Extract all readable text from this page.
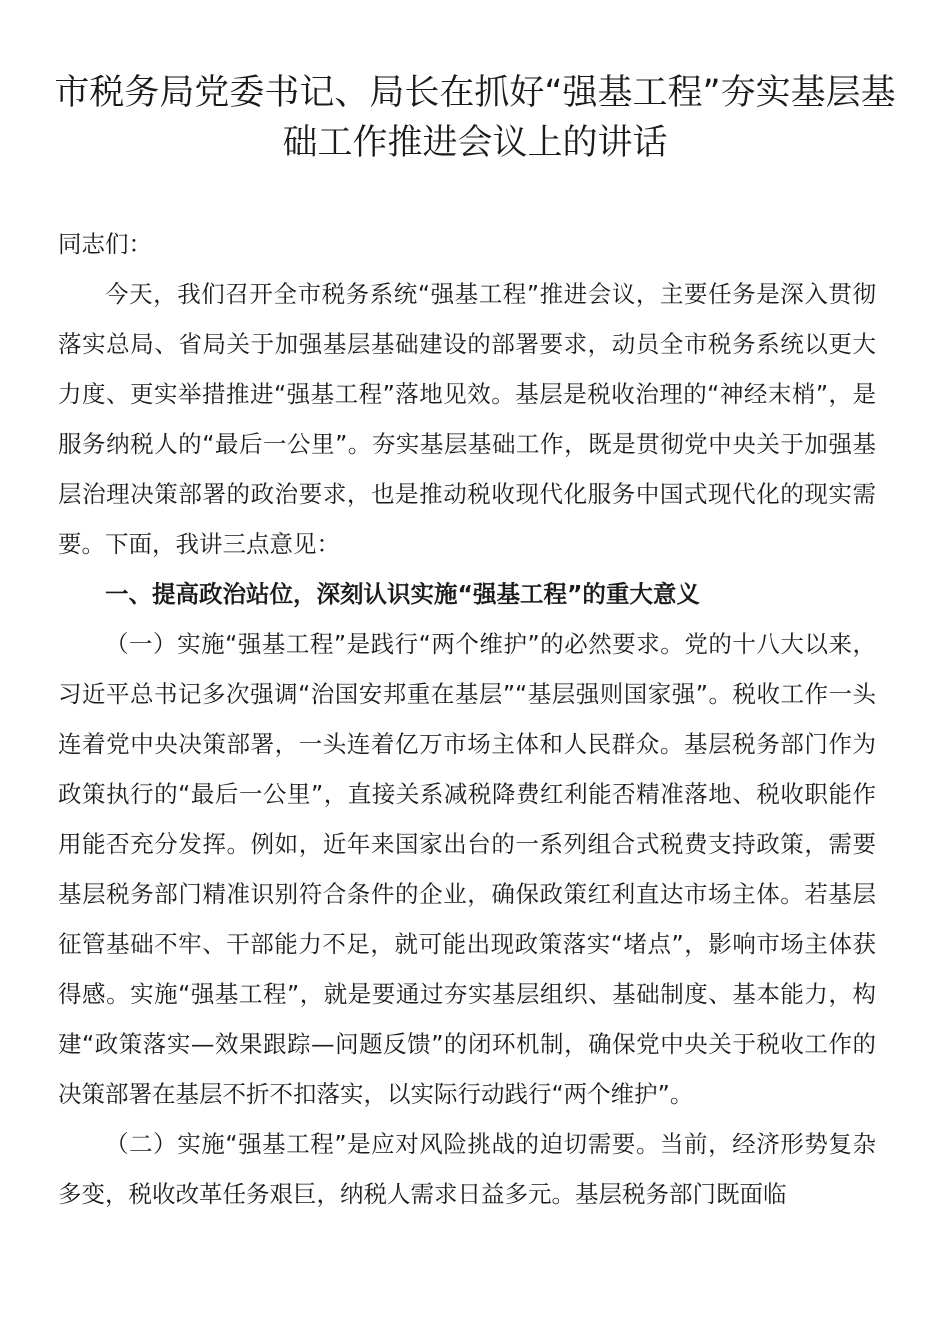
市税务局党委书记、局长在抓好“强基工程”夯实基层基础工作推进会议上的讲话

同志们：

今天，我们召开全市税务系统“强基工程”推进会议，主要任务是深入贯彻落实总局、省局关于加强基层基础建设的部署要求，动员全市税务系统以更大力度、更实举措推进“强基工程”落地见效。基层是税收治理的“神经末梢”，是服务纳税人的“最后一公里”。夯实基层基础工作，既是贯彻党中央关于加强基层治理决策部署的政治要求，也是推动税收现代化服务中国式现代化的现实需要。下面，我讲三点意见：

一、提高政治站位，深刻认识实施“强基工程”的重大意义

（一）实施“强基工程”是践行“两个维护”的必然要求。党的十八大以来，习近平总书记多次强调“治国安邦重在基层”“基层强则国家强”。税收工作一头连着党中央决策部署，一头连着亿万市场主体和人民群众。基层税务部门作为政策执行的“最后一公里”，直接关系减税降费红利能否精准落地、税收职能作用能否充分发挥。例如，近年来国家出台的一系列组合式税费支持政策，需要基层税务部门精准识别符合条件的企业，确保政策红利直达市场主体。若基层征管基础不牢、干部能力不足，就可能出现政策落实“堵点”，影响市场主体获得感。实施“强基工程”，就是要通过夯实基层组织、基础制度、基本能力，构建“政策落实—效果跟踪—问题反馈”的闭环机制，确保党中央关于税收工作的决策部署在基层不折不扣落实，以实际行动践行“两个维护”。

（二）实施“强基工程”是应对风险挑战的迫切需要。当前，经济形势复杂多变，税收改革任务艰巨，纳税人需求日益多元。基层税务部门既面临
